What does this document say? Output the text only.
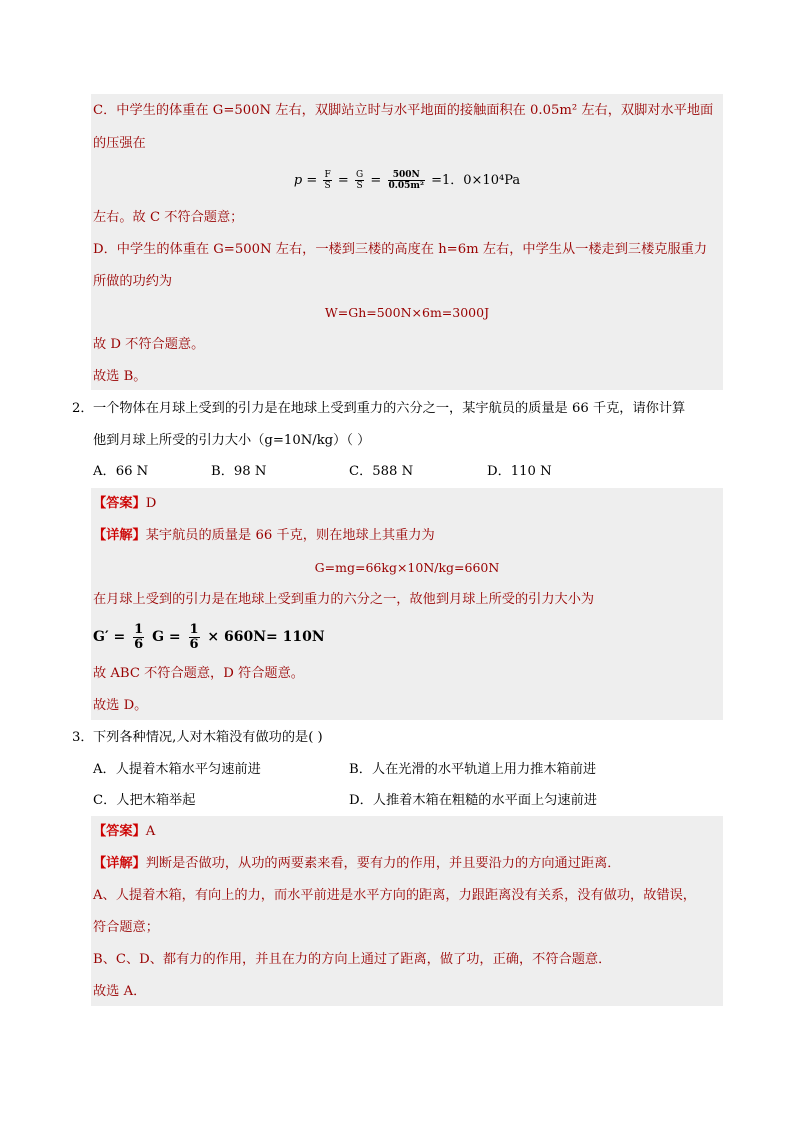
C．中学生的体重在 G=500N 左右，双脚站立时与水平地面的接触面积在 0.05m² 左右，双脚对水平地面
的压强在
$p = \frac{F}{S} = \frac{G}{S} = \frac{500N}{\text{0.05m²}} =1$．0×10⁴Pa
左右。故 C 不符合题意；
D．中学生的体重在 G=500N 左右，一楼到三楼的高度在 h=6m 左右，中学生从一楼走到三楼克服重力
所做的功约为
W=Gh=500N×6m=3000J
故 D 不符合题意。
故选 B。
2． 一个物体在月球上受到的引力是在地球上受到重力的六分之一，某宇航员的质量是 66 千克，请你计算
他到月球上所受的引力大小（g=10N/kg）（ ）
A．66 N	B．98 N	C．588 N	D．110 N
【答案】D
【详解】某宇航员的质量是 66 千克，则在地球上其重力为
G=mg=66kg×10N/kg=660N
在月球上受到的引力是在地球上受到重力的六分之一，故他到月球上所受的引力大小为
$G' = \frac{1}{6}$ $G = \frac{1}{6} \times 660N= 110N$
故 ABC 不符合题意，D 符合题意。
故选 D。
3． 下列各种情况,人对木箱没有做功的是( )
A．人提着木箱水平匀速前进	B．人在光滑的水平轨道上用力推木箱前进
C．人把木箱举起	D．人推着木箱在粗糙的水平面上匀速前进
【答案】A
【详解】判断是否做功，从功的两要素来看，要有力的作用，并且要沿力的方向通过距离．
A、人提着木箱，有向上的力，而水平前进是水平方向的距离，力跟距离没有关系，没有做功，故错误，
符合题意；
B、C、D、都有力的作用，并且在力的方向上通过了距离，做了功，正确，不符合题意．
故选 A．
